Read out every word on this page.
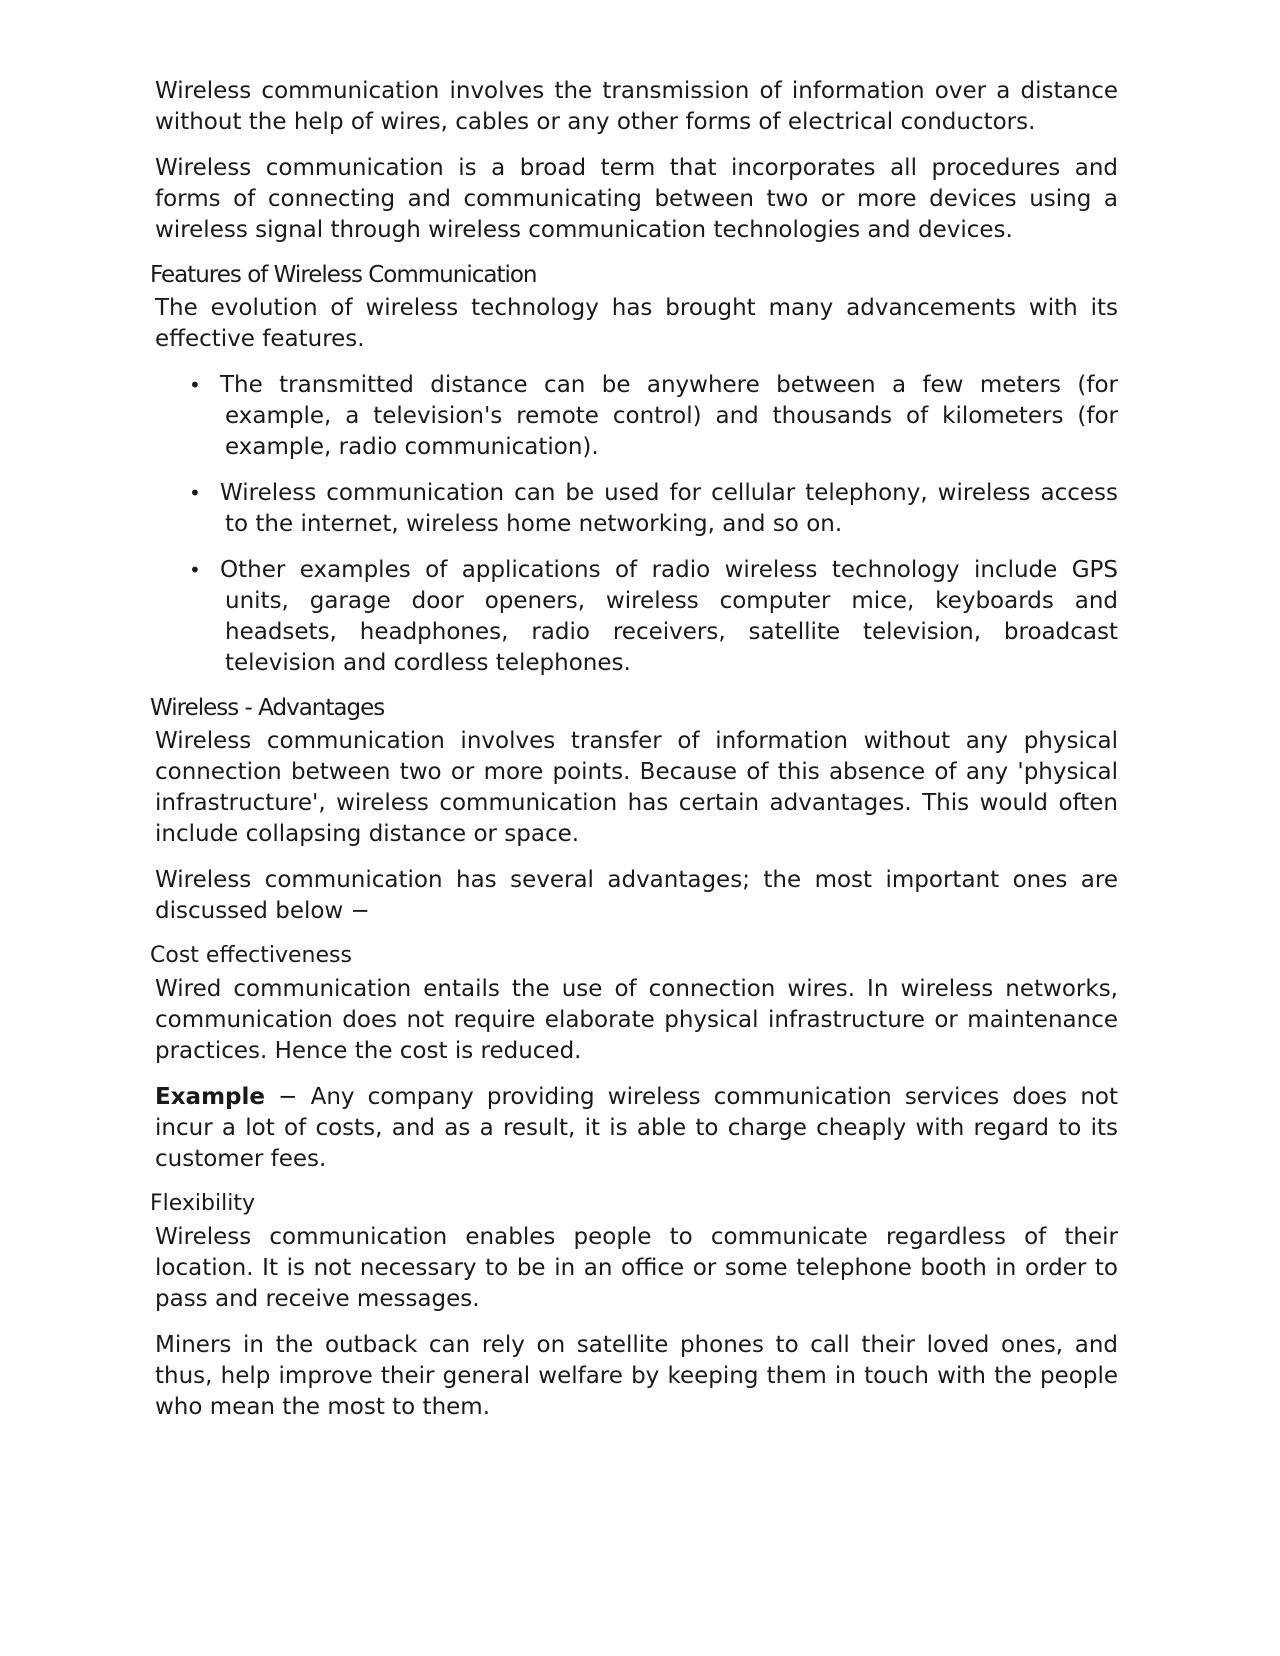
Wireless communication involves the transmission of information over a distance without the help of wires, cables or any other forms of electrical conductors.

Wireless communication is a broad term that incorporates all procedures and forms of connecting and communicating between two or more devices using a wireless signal through wireless communication technologies and devices.

Features of Wireless Communication

The evolution of wireless technology has brought many advancements with its effective features.

• The transmitted distance can be anywhere between a few meters (for example, a television's remote control) and thousands of kilometers (for example, radio communication).
• Wireless communication can be used for cellular telephony, wireless access to the internet, wireless home networking, and so on.
• Other examples of applications of radio wireless technology include GPS units, garage door openers, wireless computer mice, keyboards and headsets, headphones, radio receivers, satellite television, broadcast television and cordless telephones.
Wireless - Advantages

Wireless communication involves transfer of information without any physical connection between two or more points. Because of this absence of any 'physical infrastructure', wireless communication has certain advantages. This would often include collapsing distance or space.

Wireless communication has several advantages; the most important ones are discussed below −

Cost effectiveness

Wired communication entails the use of connection wires. In wireless networks, communication does not require elaborate physical infrastructure or maintenance practices. Hence the cost is reduced.

Example − Any company providing wireless communication services does not incur a lot of costs, and as a result, it is able to charge cheaply with regard to its customer fees.

Flexibility

Wireless communication enables people to communicate regardless of their location. It is not necessary to be in an office or some telephone booth in order to pass and receive messages.

Miners in the outback can rely on satellite phones to call their loved ones, and thus, help improve their general welfare by keeping them in touch with the people who mean the most to them.
